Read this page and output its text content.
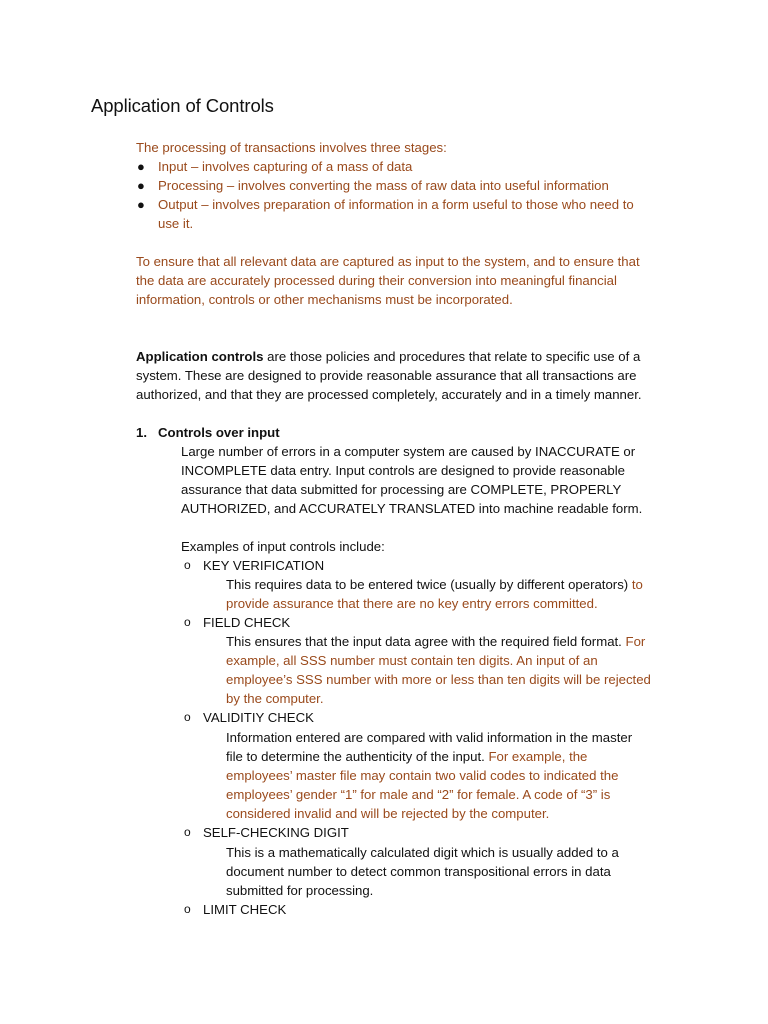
Application of Controls

The processing of transactions involves three stages:

● Input – involves capturing of a mass of data

● Processing – involves converting the mass of raw data into useful information

● Output – involves preparation of information in a form useful to those who need to

use it.

To ensure that all relevant data are captured as input to the system, and to ensure that

the data are accurately processed during their conversion into meaningful financial

information, controls or other mechanisms must be incorporated.

Application controls are those policies and procedures that relate to specific use of a

system. These are designed to provide reasonable assurance that all transactions are

authorized, and that they are processed completely, accurately and in a timely manner.

1. Controls over input

Large number of errors in a computer system are caused by INACCURATE or

INCOMPLETE data entry. Input controls are designed to provide reasonable

assurance that data submitted for processing are COMPLETE, PROPERLY

AUTHORIZED, and ACCURATELY TRANSLATED into machine readable form.

Examples of input controls include:

o KEY VERIFICATION

This requires data to be entered twice (usually by different operators) to

provide assurance that there are no key entry errors committed.

o FIELD CHECK

This ensures that the input data agree with the required field format. For

example, all SSS number must contain ten digits. An input of an

employee’s SSS number with more or less than ten digits will be rejected

by the computer.

o VALIDITIY CHECK

Information entered are compared with valid information in the master

file to determine the authenticity of the input. For example, the

employees’ master file may contain two valid codes to indicated the

employees’ gender “1” for male and “2” for female. A code of “3” is

considered invalid and will be rejected by the computer.

o SELF-CHECKING DIGIT

This is a mathematically calculated digit which is usually added to a

document number to detect common transpositional errors in data

submitted for processing.

o LIMIT CHECK
